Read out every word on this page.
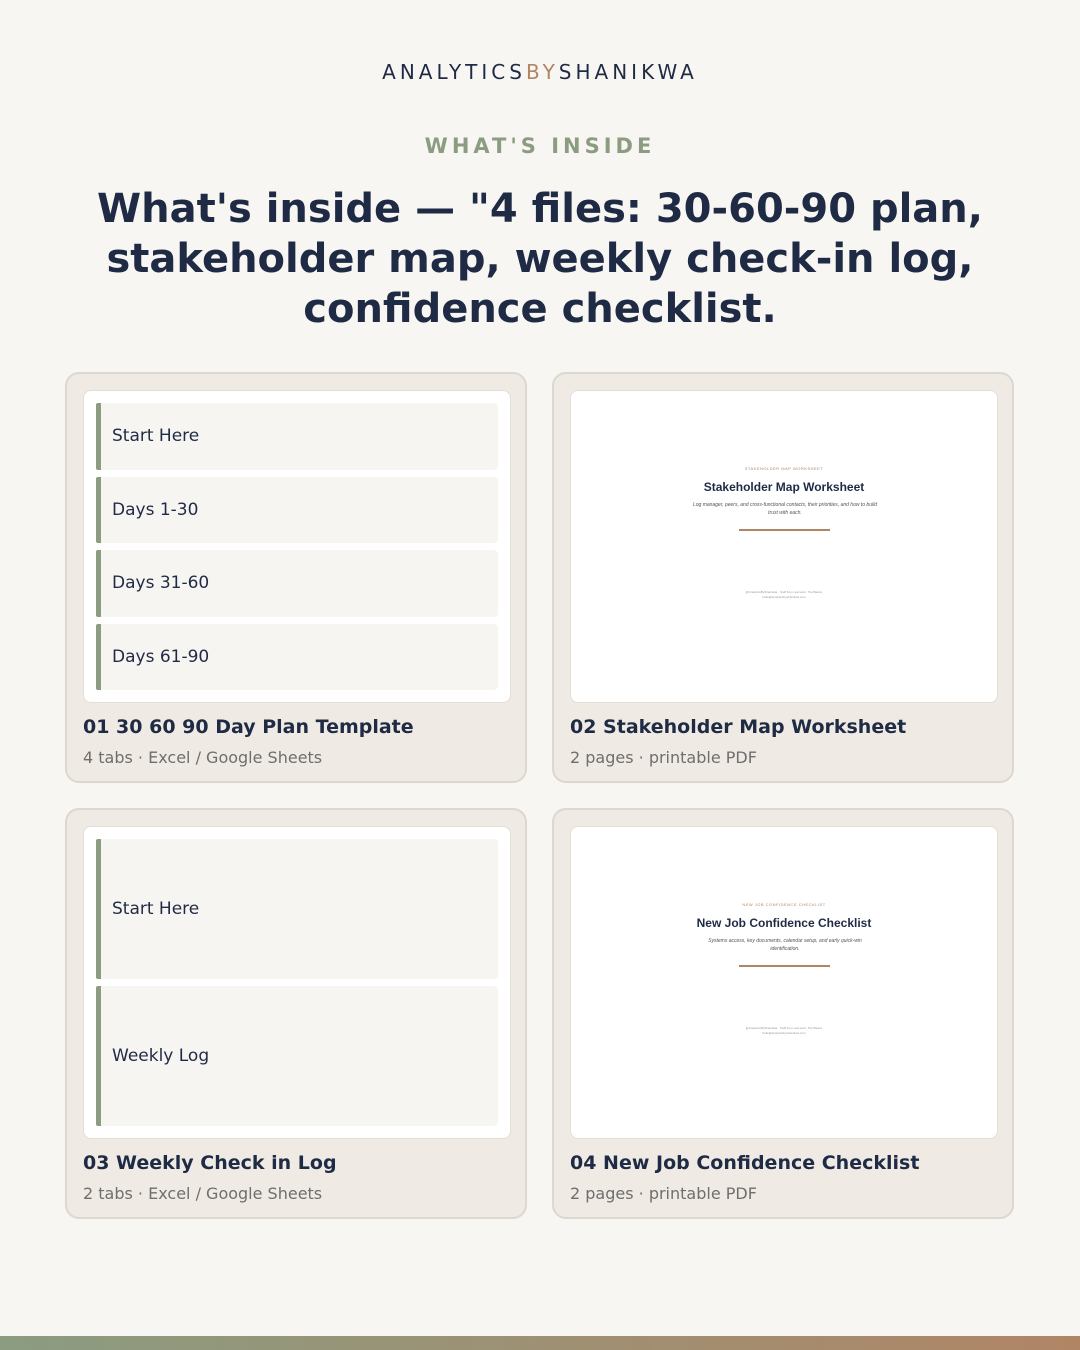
ANALYTICSBYSHANIKWA
WHAT'S INSIDE
What's inside — "4 files: 30-60-90 plan, stakeholder map, weekly check-in log, confidence checklist.
Start Here
Days 1-30
Days 31-60
Days 61-90
01 30 60 90 Day Plan Template
4 tabs · Excel / Google Sheets
STAKEHOLDER MAP WORKSHEET
Stakeholder Map Worksheet
Log manager, peers, and cross-functional contacts, their priorities, and how to build trust with each.
@AnalyticsByShanikwa · Stuff from real work. The Basics
hello@analyticsbyshanikwa.com
02 Stakeholder Map Worksheet
2 pages · printable PDF
Start Here
Weekly Log
03 Weekly Check in Log
2 tabs · Excel / Google Sheets
NEW JOB CONFIDENCE CHECKLIST
New Job Confidence Checklist
Systems access, key documents, calendar setup, and early quick-win identification.
@AnalyticsByShanikwa · Stuff from real work. The Basics
hello@analyticsbyshanikwa.com
04 New Job Confidence Checklist
2 pages · printable PDF
